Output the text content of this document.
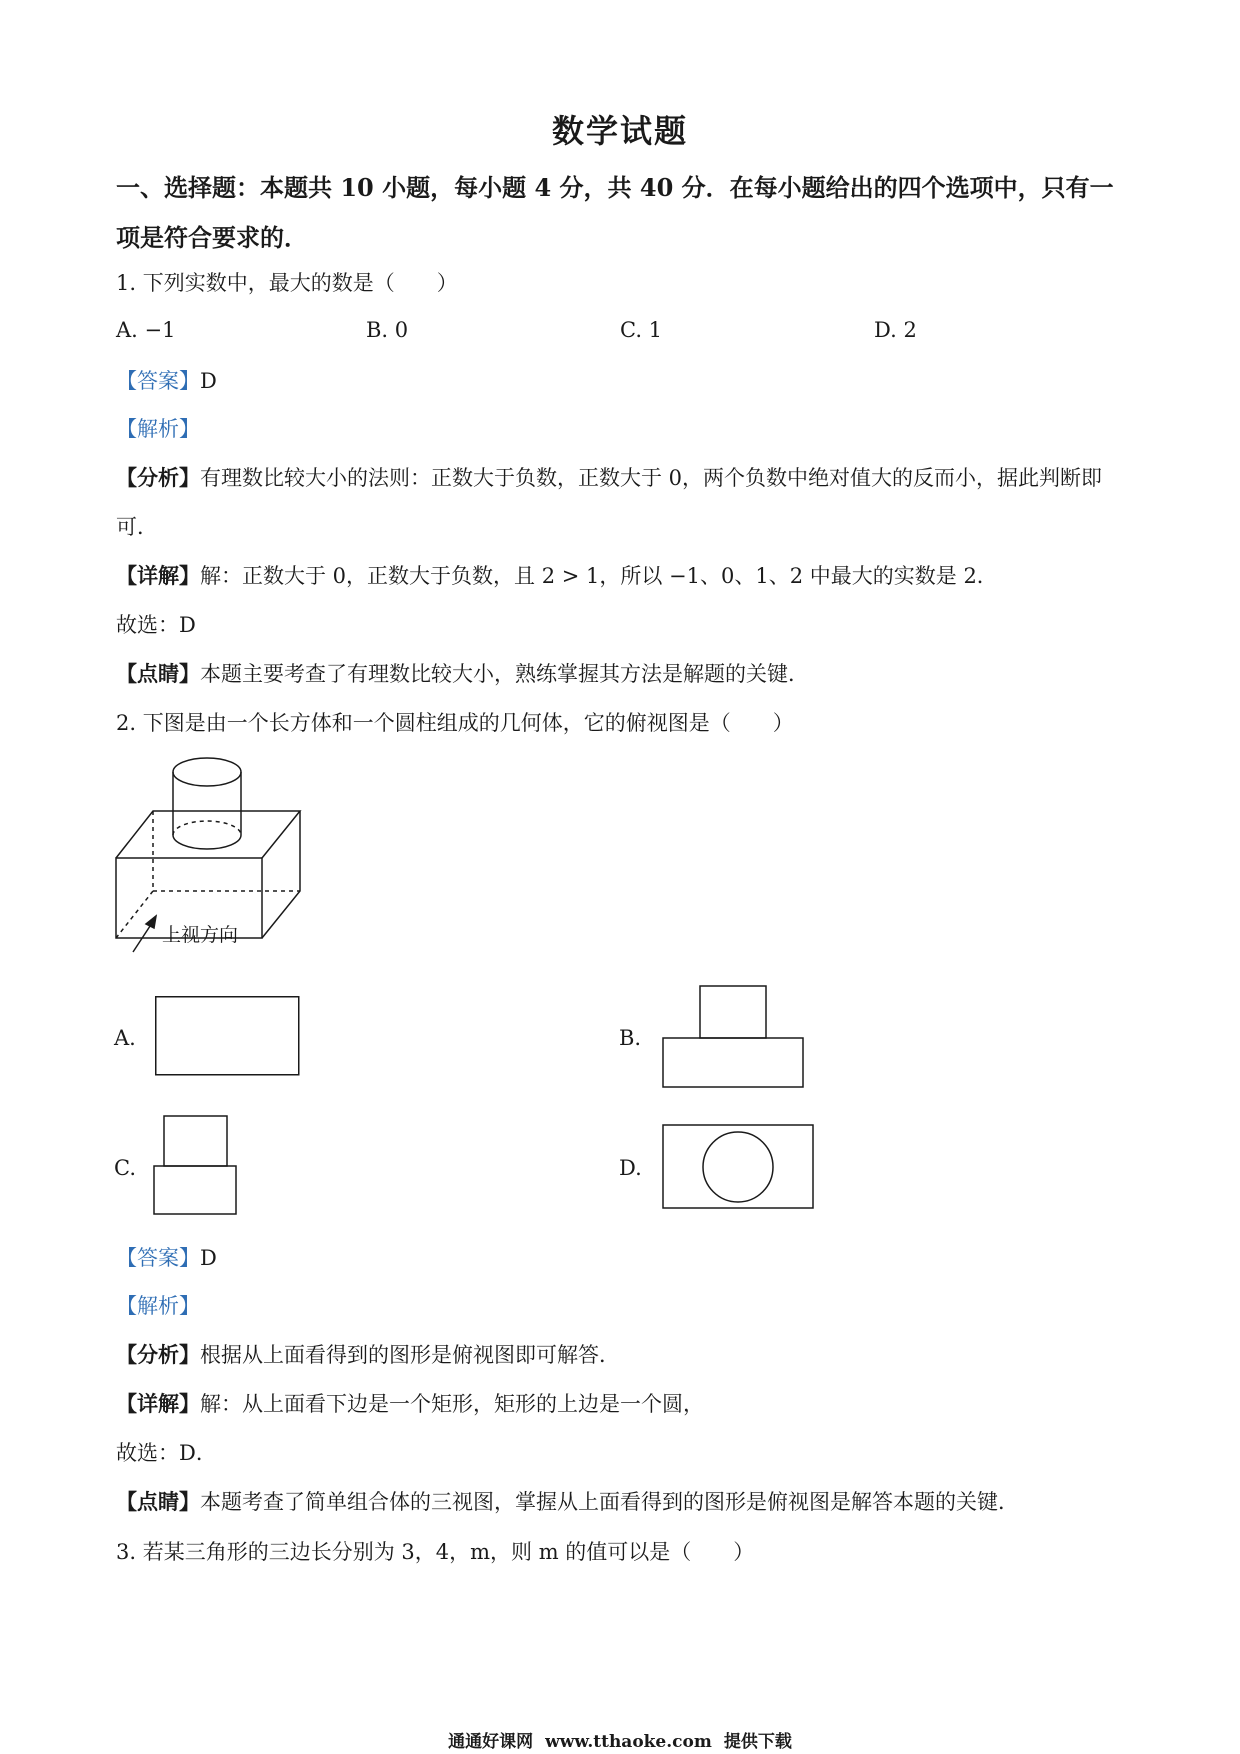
数学试题
一、选择题：本题共 10 小题，每小题 4 分，共 40 分．在每小题给出的四个选项中，只有一
项是符合要求的．
1. 下列实数中，最大的数是（　　）
A. −1	B. 0	C. 1	D. 2
【答案】D
【解析】
【分析】有理数比较大小的法则：正数大于负数，正数大于 0，两个负数中绝对值大的反而小，据此判断即
可．
【详解】解：正数大于 0，正数大于负数，且 2 > 1，所以 −1、0、1、2 中最大的实数是 2．
故选：D
【点睛】本题主要考查了有理数比较大小，熟练掌握其方法是解题的关键．
2. 下图是由一个长方体和一个圆柱组成的几何体，它的俯视图是（　　）
上视方向
A.	B.
C.	D.
【答案】D
【解析】
【分析】根据从上面看得到的图形是俯视图即可解答．
【详解】解：从上面看下边是一个矩形，矩形的上边是一个圆，
故选：D．
【点睛】本题考查了简单组合体的三视图，掌握从上面看得到的图形是俯视图是解答本题的关键．
3. 若某三角形的三边长分别为 3，4，m，则 m 的值可以是（　　）
通通好课网 www.tthaoke.com 提供下载
